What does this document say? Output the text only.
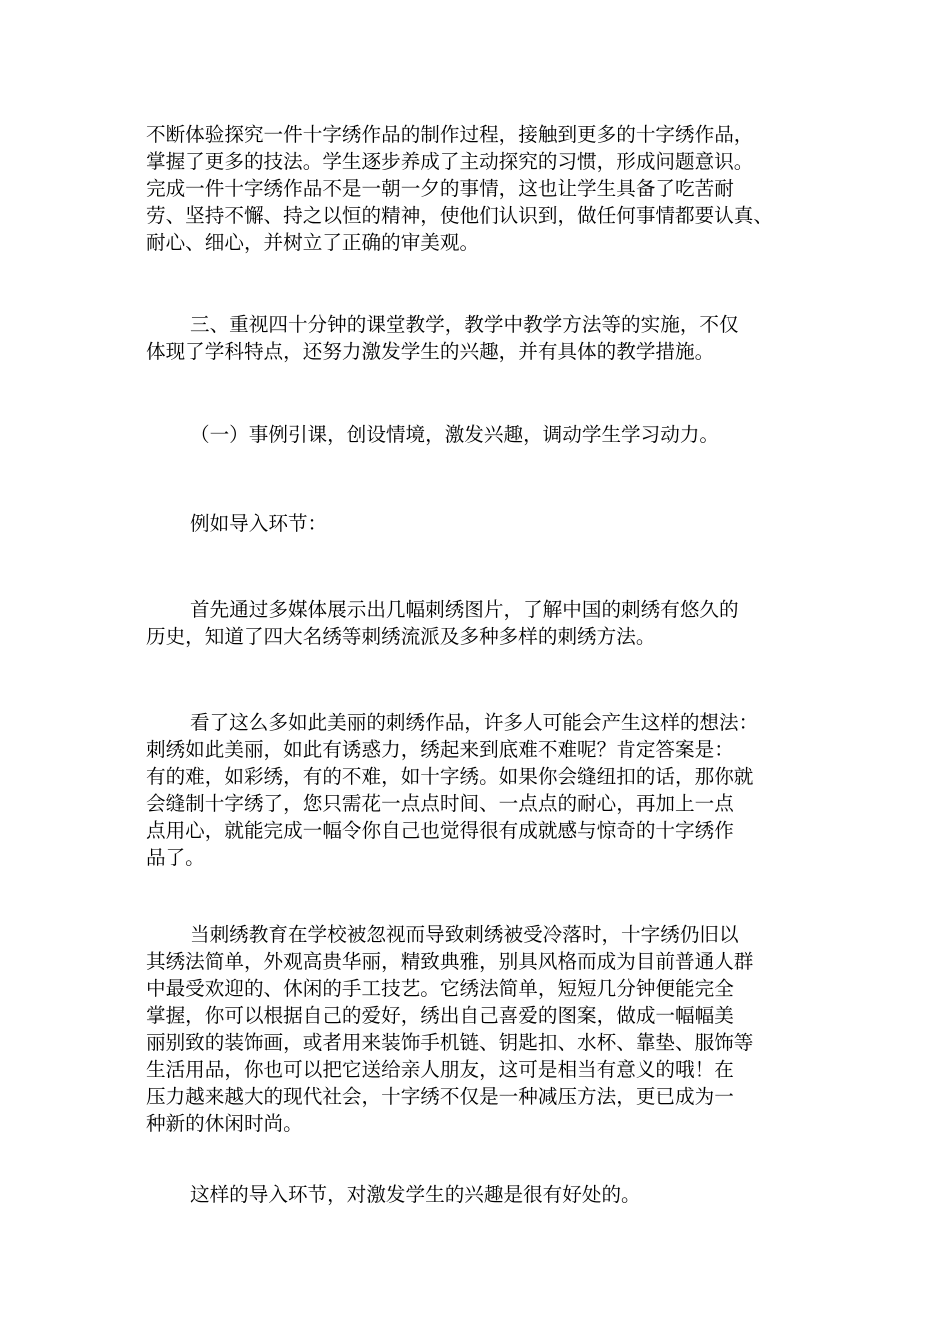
不断体验探究一件十字绣作品的制作过程，接触到更多的十字绣作品，
掌握了更多的技法。学生逐步养成了主动探究的习惯，形成问题意识。
完成一件十字绣作品不是一朝一夕的事情，这也让学生具备了吃苦耐
劳、坚持不懈、持之以恒的精神，使他们认识到，做任何事情都要认真、
耐心、细心，并树立了正确的审美观。
三、重视四十分钟的课堂教学，教学中教学方法等的实施，不仅
体现了学科特点，还努力激发学生的兴趣，并有具体的教学措施。
（一）事例引课，创设情境，激发兴趣，调动学生学习动力。
例如导入环节：
首先通过多媒体展示出几幅刺绣图片，了解中国的刺绣有悠久的
历史，知道了四大名绣等刺绣流派及多种多样的刺绣方法。
看了这么多如此美丽的刺绣作品，许多人可能会产生这样的想法：
刺绣如此美丽，如此有诱惑力，绣起来到底难不难呢？肯定答案是：
有的难，如彩绣，有的不难，如十字绣。如果你会缝纽扣的话，那你就
会缝制十字绣了，您只需花一点点时间、一点点的耐心，再加上一点
点用心，就能完成一幅令你自己也觉得很有成就感与惊奇的十字绣作
品了。
当刺绣教育在学校被忽视而导致刺绣被受冷落时，十字绣仍旧以
其绣法简单，外观高贵华丽，精致典雅，别具风格而成为目前普通人群
中最受欢迎的、休闲的手工技艺。它绣法简单，短短几分钟便能完全
掌握，你可以根据自己的爱好，绣出自己喜爱的图案，做成一幅幅美
丽别致的装饰画，或者用来装饰手机链、钥匙扣、水杯、靠垫、服饰等
生活用品，你也可以把它送给亲人朋友，这可是相当有意义的哦！在
压力越来越大的现代社会，十字绣不仅是一种减压方法，更已成为一
种新的休闲时尚。
这样的导入环节，对激发学生的兴趣是很有好处的。
